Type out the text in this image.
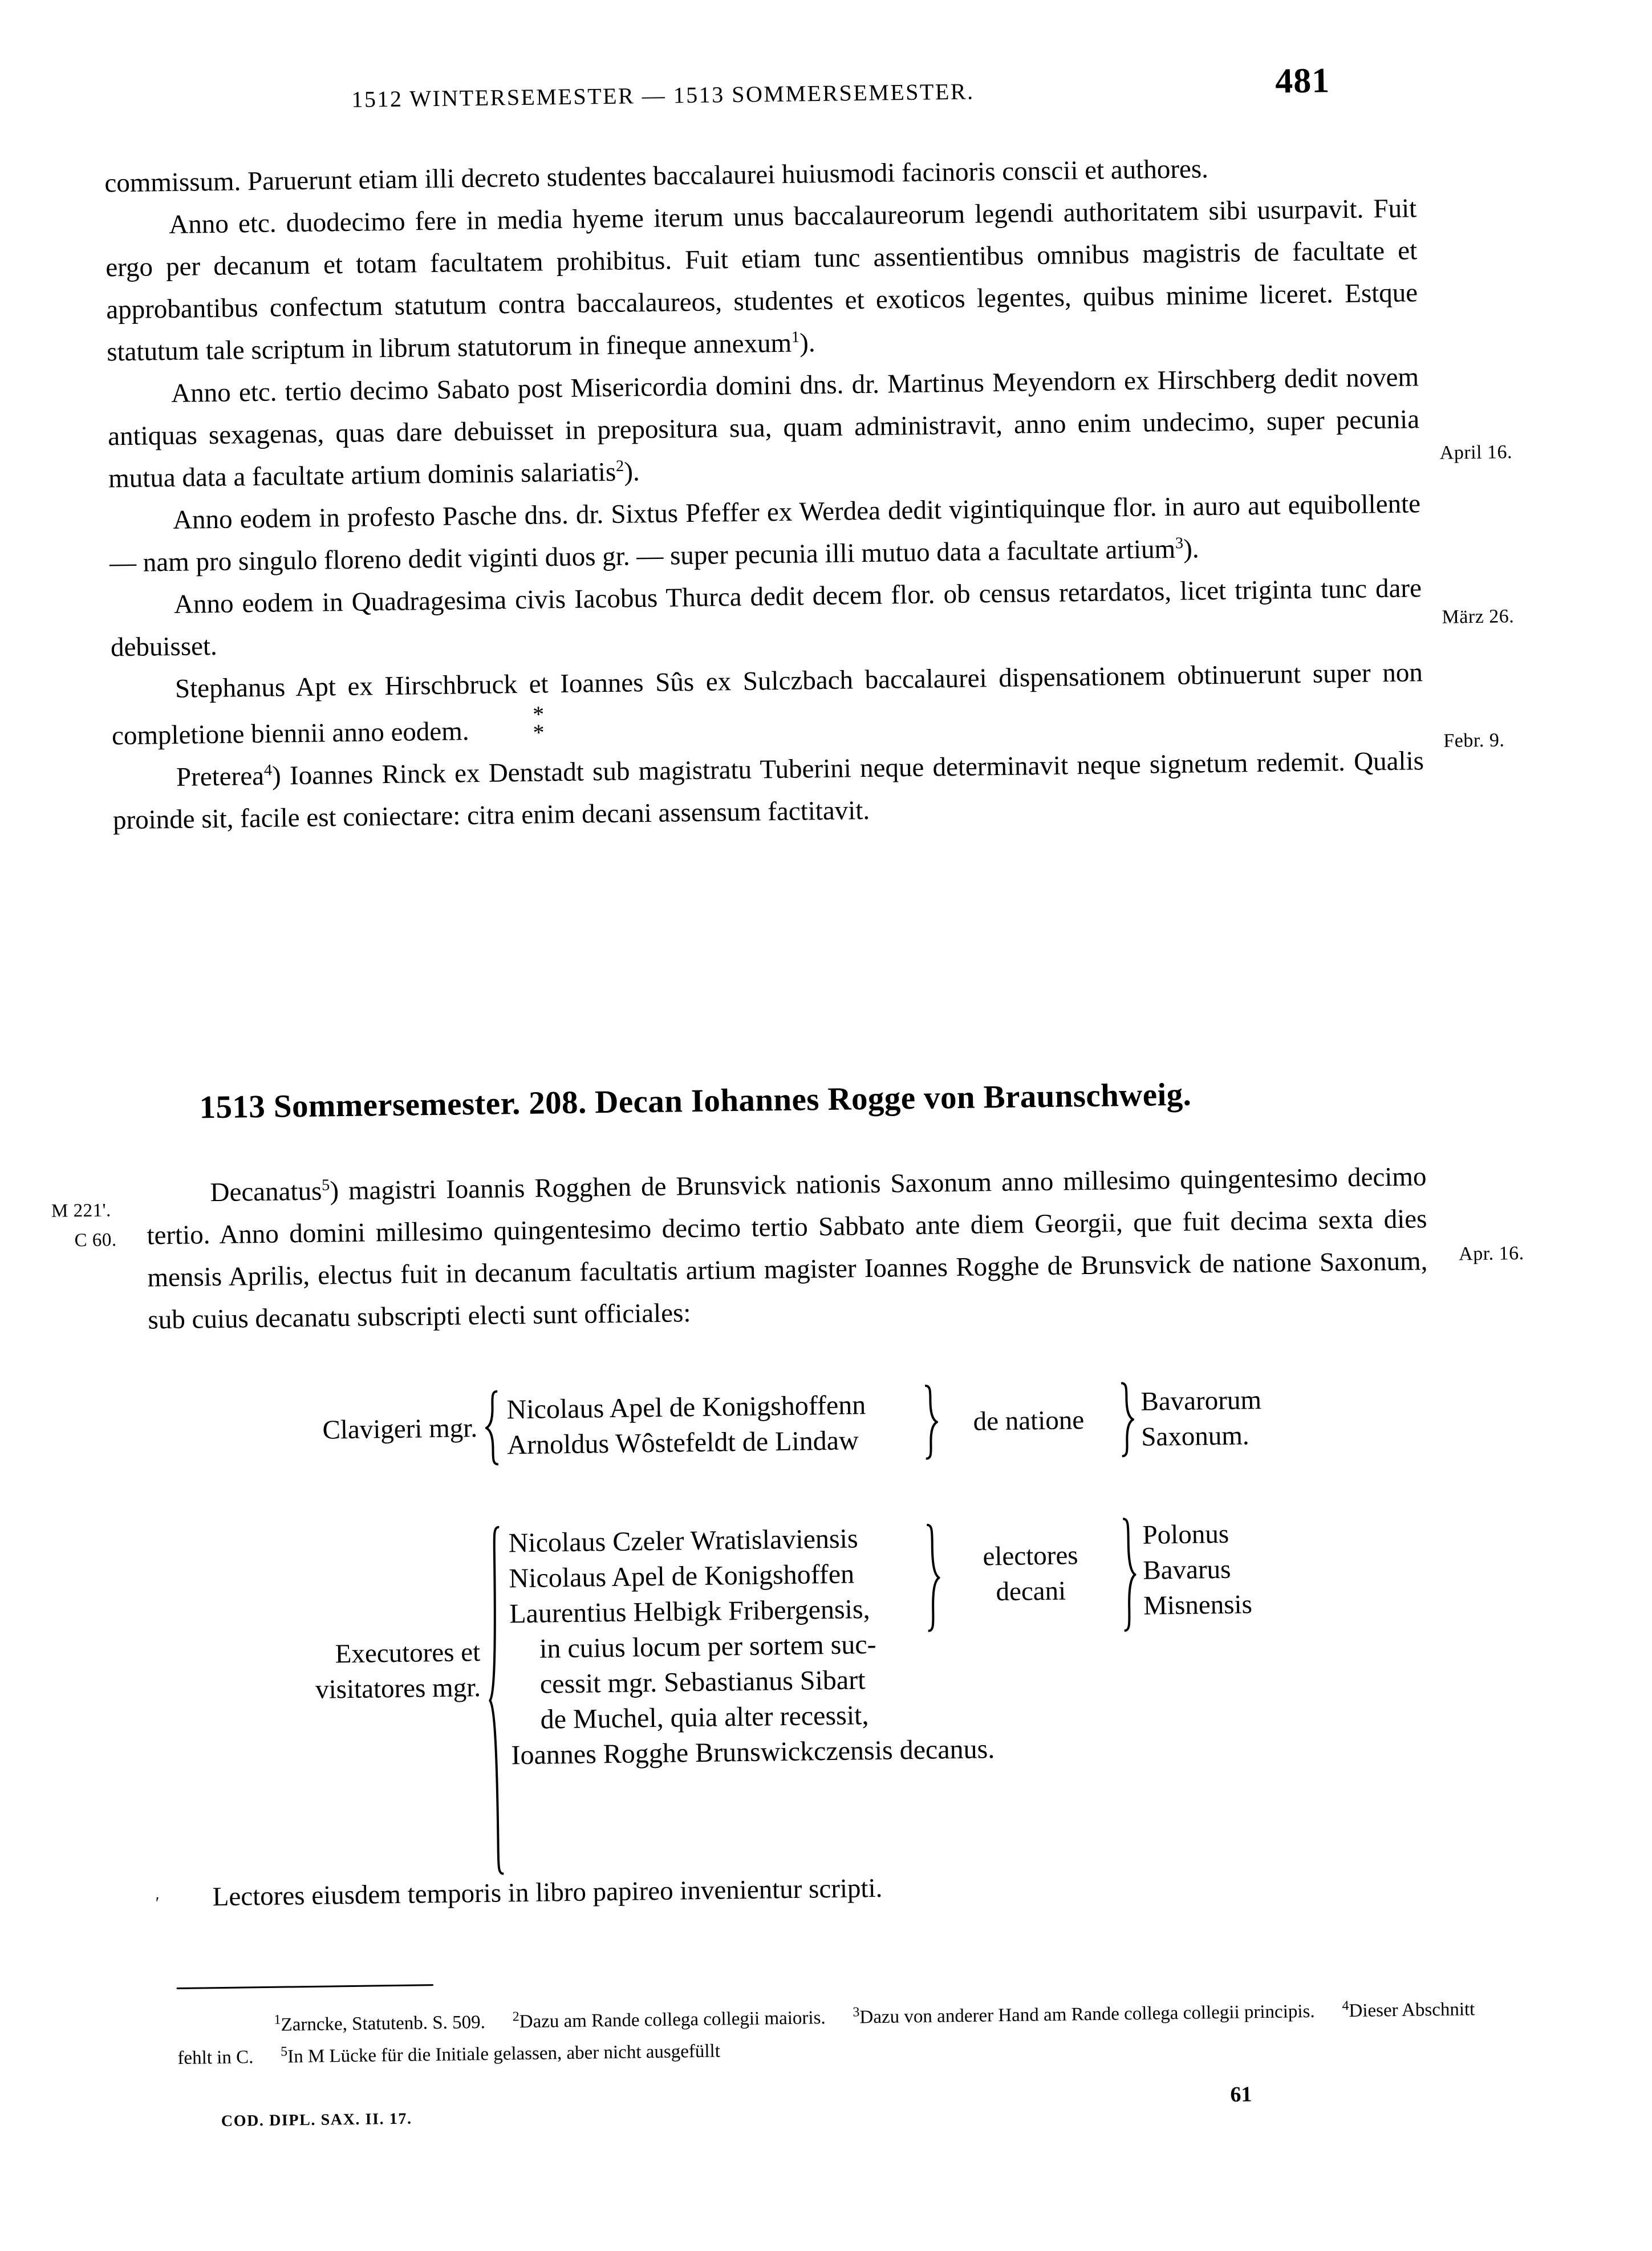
1512 WINTERSEMESTER — 1513 SOMMERSEMESTER.	481

commissum. Paruerunt etiam illi decreto studentes baccalaurei huiusmodi facinoris conscii et authores.

Anno etc. duodecimo fere in media hyeme iterum unus baccalaureorum legendi authoritatem sibi usurpavit. Fuit ergo per decanum et totam facultatem prohibitus. Fuit etiam tunc assentientibus omnibus magistris de facultate et approbantibus confectum statutum contra baccalaureos, studentes et exoticos legentes, quibus minime liceret. Estque statutum tale scriptum in librum statutorum in fineque annexum$^1$).

Anno etc. tertio decimo Sabato post Misericordia domini dns. dr. Martinus Meyendorn ex Hirschberg dedit novem antiquas sexagenas, quas dare debuisset in prepositura sua, quam administravit, anno enim undecimo, super pecunia mutua data a facultate artium dominis salariatis$^2$).

Anno eodem in profesto Pasche dns. dr. Sixtus Pfeffer ex Werdea dedit vigintiquinque flor. in auro aut equibollente — nam pro singulo floreno dedit viginti duos gr. — super pecunia illi mutuo data a facultate artium$^3$).

Anno eodem in Quadragesima civis Iacobus Thurca dedit decem flor. ob census retardatos, licet triginta tunc dare debuisset.

Stephanus Apt ex Hirschbruck et Ioannes Sûs ex Sulczbach baccalaurei dispensationem obtinuerunt super non completione biennii anno eodem.
*
*

Preterea$^4$) Ioannes Rinck ex Denstadt sub magistratu Tuberini neque determinavit neque signetum redemit. Qualis proinde sit, facile est coniectare: citra enim decani assensum factitavit.

April 16.
März 26.
Febr. 9.
Apr. 16.
M 221'.
C 60.
1513 Sommersemester. 208. Decan Iohannes Rogge von Braunschweig.

Decanatus$^5$) magistri Ioannis Rogghen de Brunsvick nationis Saxonum anno millesimo quingentesimo decimo tertio. Anno domini millesimo quingentesimo decimo tertio Sabbato ante diem Georgii, que fuit decima sexta dies mensis Aprilis, electus fuit in decanum facultatis artium magister Ioannes Rogghe de Brunsvick de natione Saxonum, sub cuius decanatu subscripti electi sunt officiales:

Clavigeri mgr.
Nicolaus Apel de Konigshoffenn
Arnoldus Wôstefeldt de Lindaw
de natione
Bavarorum
Saxonum.
Executores et
visitatores mgr.
Nicolaus Czeler Wratislaviensis
Nicolaus Apel de Konigshoffen
Laurentius Helbigk Fribergensis,
in cuius locum per sortem suc-
cessit mgr. Sebastianus Sibart
de Muchel, quia alter recessit,
Ioannes Rogghe Brunswickczensis decanus.
electores
decani
Polonus
Bavarus
Misnensis
′ Lectores eiusdem temporis in libro papireo invenientur scripti.
$^1$Zarncke, Statutenb. S. 509. $^2$Dazu am Rande collega collegii maioris. $^3$Dazu von anderer Hand am Rande collega collegii principis. $^4$Dieser Abschnitt fehlt in C. $^5$In M Lücke für die Initiale gelassen, aber nicht ausgefüllt
COD. DIPL. SAX. II. 17.
61
